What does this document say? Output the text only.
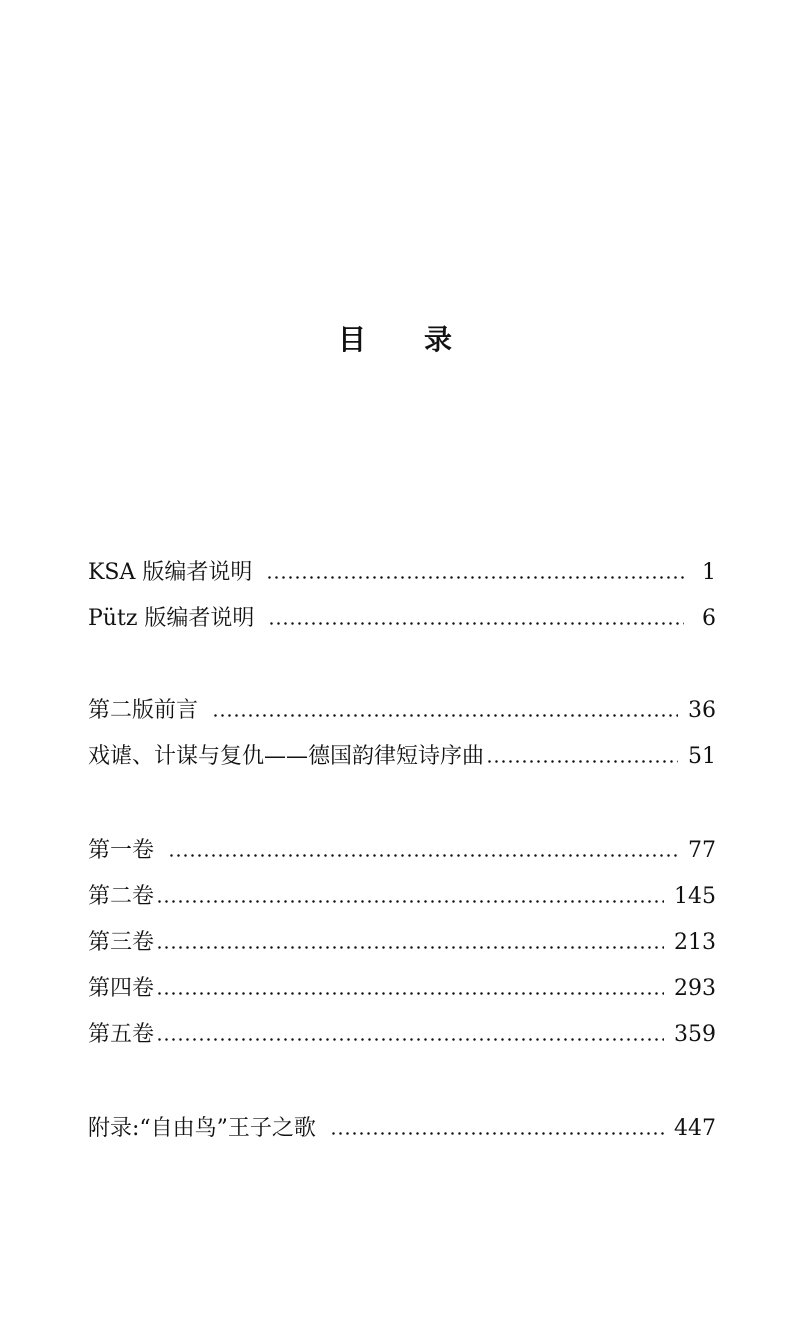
目 录
KSA 版编者说明	1
Pütz 版编者说明	6
第二版前言	36
戏谑、计谋与复仇——德国韵律短诗序曲	51
第一卷	77
第二卷	145
第三卷	213
第四卷	293
第五卷	359
附录:“自由鸟”王子之歌	447
